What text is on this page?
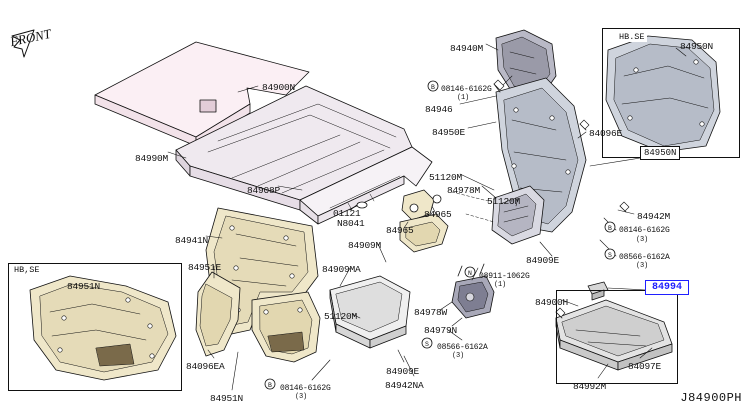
B
N
S
B
B
S
FRONT
HB,SE
HB.SE
84994
84900N
84990M
84908P
84941N
84951E
84951N
84096EA
84951N
84909MA
84909M
84965
84965
01121
N8041
51120M	84978W
84979N
84909E
84942NA
08566-6162A
(3)
08911-1062G
(1)
08146-6162G
(3)
84940M
08146-6162G
(1)
84946
84950E
51120M
84978M
51120M
84909E
84096E
84950N
84942M
08146-6162G
(3)
08566-6162A
(3)
84950N
84900H
84097E
84992M
J84900PH
